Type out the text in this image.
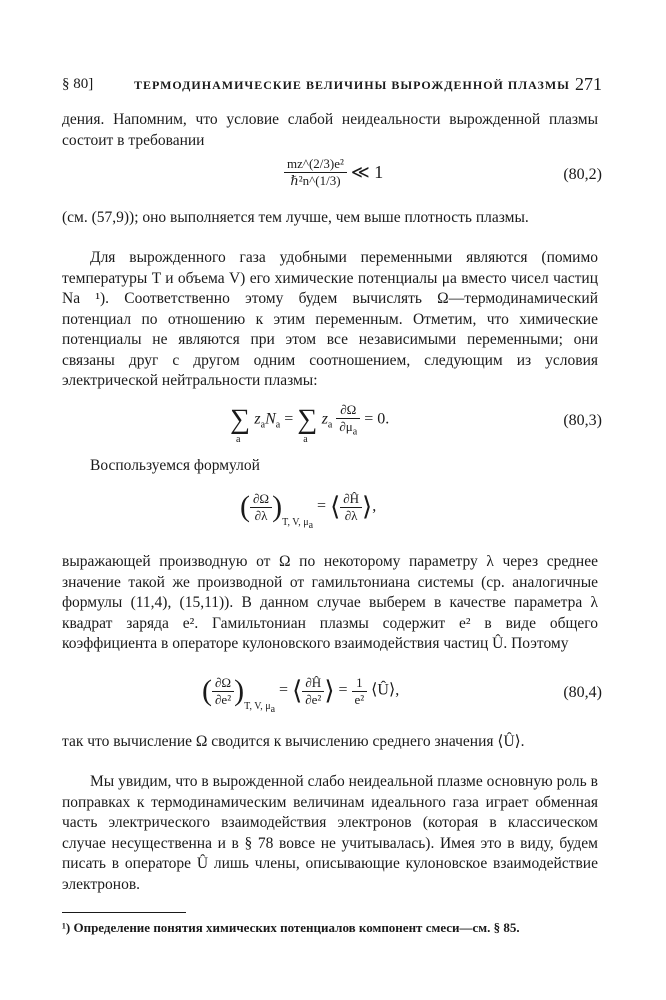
§ 80]	ТЕРМОДИНАМИЧЕСКИЕ ВЕЛИЧИНЫ ВЫРОЖДЕННОЙ ПЛАЗМЫ 271
дения. Напомним, что условие слабой неидеальности вырожденной плазмы состоит в требовании
$\frac{\text{mz\textasciicircum{}(2/3)e²}}{\text{ℏ²n\textasciicircum{}(1/3)}}$ ≪ 1	(80,2)
(см. (57,9)); оно выполняется тем лучше, чем выше плотность плазмы.
Для вырожденного газа удобными переменными являются (помимо температуры T и объема V) его химические потенциалы μa вместо чисел частиц Na ¹). Соответственно этому будем вычислять Ω—термодинамический потенциал по отношению к этим переменным. Отметим, что химические потенциалы не являются при этом все независимыми переменными; они связаны друг с другом одним соотношением, следующим из условия электрической нейтральности плазмы:
$\sum_az_aN_a = \sum_az_a \frac{\partial\Omega}{\partial\mu_a} = 0$.	(80,3)
Воспользуемся формулой
( $\frac{\partial\Omega}{\partial\lambda} )_{T, V, \mu_a}$ = ⟨ $\frac{\partial Ĥ}{\partial\lambda}$ ⟩,
выражающей производную от Ω по некоторому параметру λ через среднее значение такой же производной от гамильтониана системы (ср. аналогичные формулы (11,4), (15,11)). В данном случае выберем в качестве параметра λ квадрат заряда e². Гамильтониан плазмы содержит e² в виде общего коэффициента в операторе кулоновского взаимодействия частиц Û. Поэтому
( $\frac{\partial\Omega}{\text{∂e²}} )_{T, V, \mu_a}$ = ⟨ $\frac{\partial Ĥ}{\text{∂e²}}$ ⟩ = $\frac{1}{\text{e²}}$ ⟨Û⟩,	(80,4)
так что вычисление Ω сводится к вычислению среднего значения ⟨Û⟩.
Мы увидим, что в вырожденной слабо неидеальной плазме основную роль в поправках к термодинамическим величинам идеального газа играет обменная часть электрического взаимодействия электронов (которая в классическом случае несущественна и в § 78 вовсе не учитывалась). Имея это в виду, будем писать в операторе Û лишь члены, описывающие кулоновское взаимодействие электронов.
¹) Определение понятия химических потенциалов компонент смеси—см. § 85.
